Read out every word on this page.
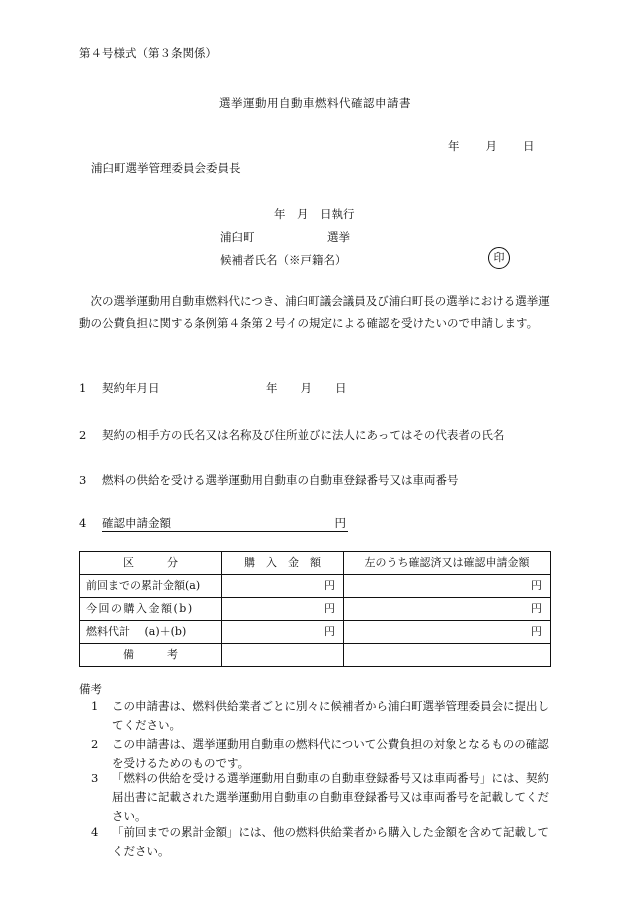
第４号様式（第３条関係）
選挙運動用自動車燃料代確認申請書
年 月 日
浦臼町選挙管理委員会委員長
年　月　日執行
浦臼町	選挙
候補者氏名（※戸籍名）	印
次の選挙運動用自動車燃料代につき、浦臼町議会議員及び浦臼町長の選挙における選挙運動の公費負担に関する条例第４条第２号イの規定による確認を受けたいので申請します。
1 契約年月日	年　　月　　日
2 契約の相手方の氏名又は名称及び住所並びに法人にあってはその代表者の氏名
3 燃料の供給を受ける選挙運動用自動車の自動車登録番号又は車両番号
4 確認申請金額	円
区　　　分	購　入　金　額	左のうち確認済又は確認申請金額
前回までの累計金額(a)	円	円
今回の購入金額(b)	円	円
燃料代計　 (a)＋(b)	円	円
備　　　考		
備考
1	この申請書は、燃料供給業者ごとに別々に候補者から浦臼町選挙管理委員会に提出してください。
2	この申請書は、選挙運動用自動車の燃料代について公費負担の対象となるものの確認を受けるためのものです。
3	「燃料の供給を受ける選挙運動用自動車の自動車登録番号又は車両番号」には、契約届出書に記載された選挙運動用自動車の自動車登録番号又は車両番号を記載してください。
4	「前回までの累計金額」には、他の燃料供給業者から購入した金額を含めて記載してください。
